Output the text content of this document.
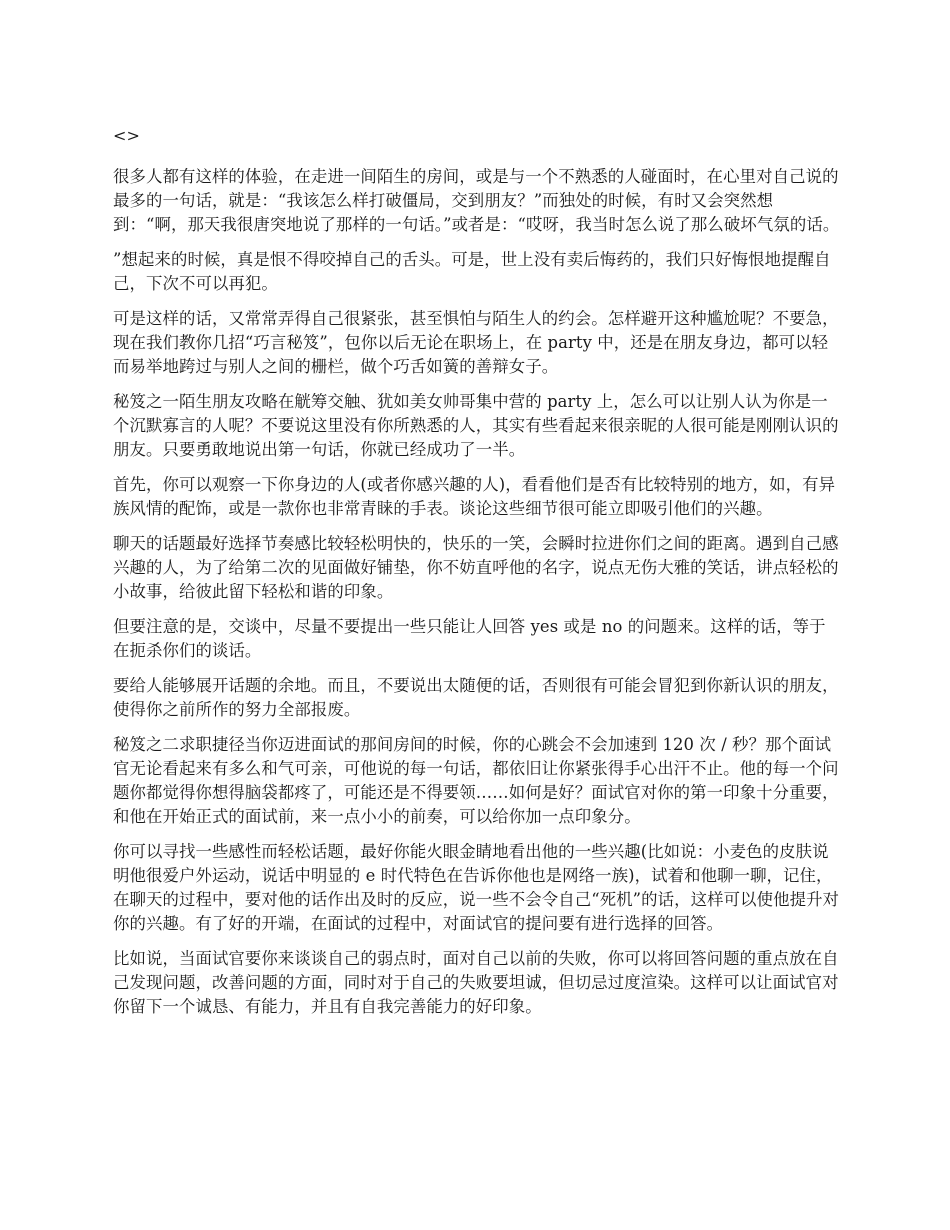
<>

很多人都有这样的体验，在走进一间陌生的房间，或是与一个不熟悉的人碰面时，在心里对自己说的最多的一句话，就是：“我该怎么样打破僵局，交到朋友？”而独处的时候，有时又会突然想到：“啊，那天我很唐突地说了那样的一句话。”或者是：“哎呀，我当时怎么说了那么破坏气氛的话。

”想起来的时候，真是恨不得咬掉自己的舌头。可是，世上没有卖后悔药的，我们只好悔恨地提醒自己，下次不可以再犯。

可是这样的话，又常常弄得自己很紧张，甚至惧怕与陌生人的约会。怎样避开这种尴尬呢？不要急，现在我们教你几招“巧言秘笈”，包你以后无论在职场上，在 party 中，还是在朋友身边，都可以轻而易举地跨过与别人之间的栅栏，做个巧舌如簧的善辩女子。

秘笈之一陌生朋友攻略在觥筹交触、犹如美女帅哥集中营的 party 上，怎么可以让别人认为你是一个沉默寡言的人呢？不要说这里没有你所熟悉的人，其实有些看起来很亲昵的人很可能是刚刚认识的朋友。只要勇敢地说出第一句话，你就已经成功了一半。

首先，你可以观察一下你身边的人(或者你感兴趣的人)，看看他们是否有比较特别的地方，如，有异族风情的配饰，或是一款你也非常青睐的手表。谈论这些细节很可能立即吸引他们的兴趣。

聊天的话题最好选择节奏感比较轻松明快的，快乐的一笑，会瞬时拉进你们之间的距离。遇到自己感兴趣的人，为了给第二次的见面做好铺垫，你不妨直呼他的名字，说点无伤大雅的笑话，讲点轻松的小故事，给彼此留下轻松和谐的印象。

但要注意的是，交谈中，尽量不要提出一些只能让人回答 yes 或是 no 的问题来。这样的话，等于在扼杀你们的谈话。

要给人能够展开话题的余地。而且，不要说出太随便的话，否则很有可能会冒犯到你新认识的朋友，使得你之前所作的努力全部报废。

秘笈之二求职捷径当你迈进面试的那间房间的时候，你的心跳会不会加速到 120 次 / 秒？那个面试官无论看起来有多么和气可亲，可他说的每一句话，都依旧让你紧张得手心出汗不止。他的每一个问题你都觉得你想得脑袋都疼了，可能还是不得要领……如何是好？面试官对你的第一印象十分重要，和他在开始正式的面试前，来一点小小的前奏，可以给你加一点印象分。

你可以寻找一些感性而轻松话题，最好你能火眼金睛地看出他的一些兴趣(比如说：小麦色的皮肤说明他很爱户外运动，说话中明显的 e 时代特色在告诉你他也是网络一族)，试着和他聊一聊，记住，在聊天的过程中，要对他的话作出及时的反应，说一些不会令自己“死机”的话，这样可以使他提升对你的兴趣。有了好的开端，在面试的过程中，对面试官的提问要有进行选择的回答。

比如说，当面试官要你来谈谈自己的弱点时，面对自己以前的失败，你可以将回答问题的重点放在自己发现问题，改善问题的方面，同时对于自己的失败要坦诚，但切忌过度渲染。这样可以让面试官对你留下一个诚恳、有能力，并且有自我完善能力的好印象。
